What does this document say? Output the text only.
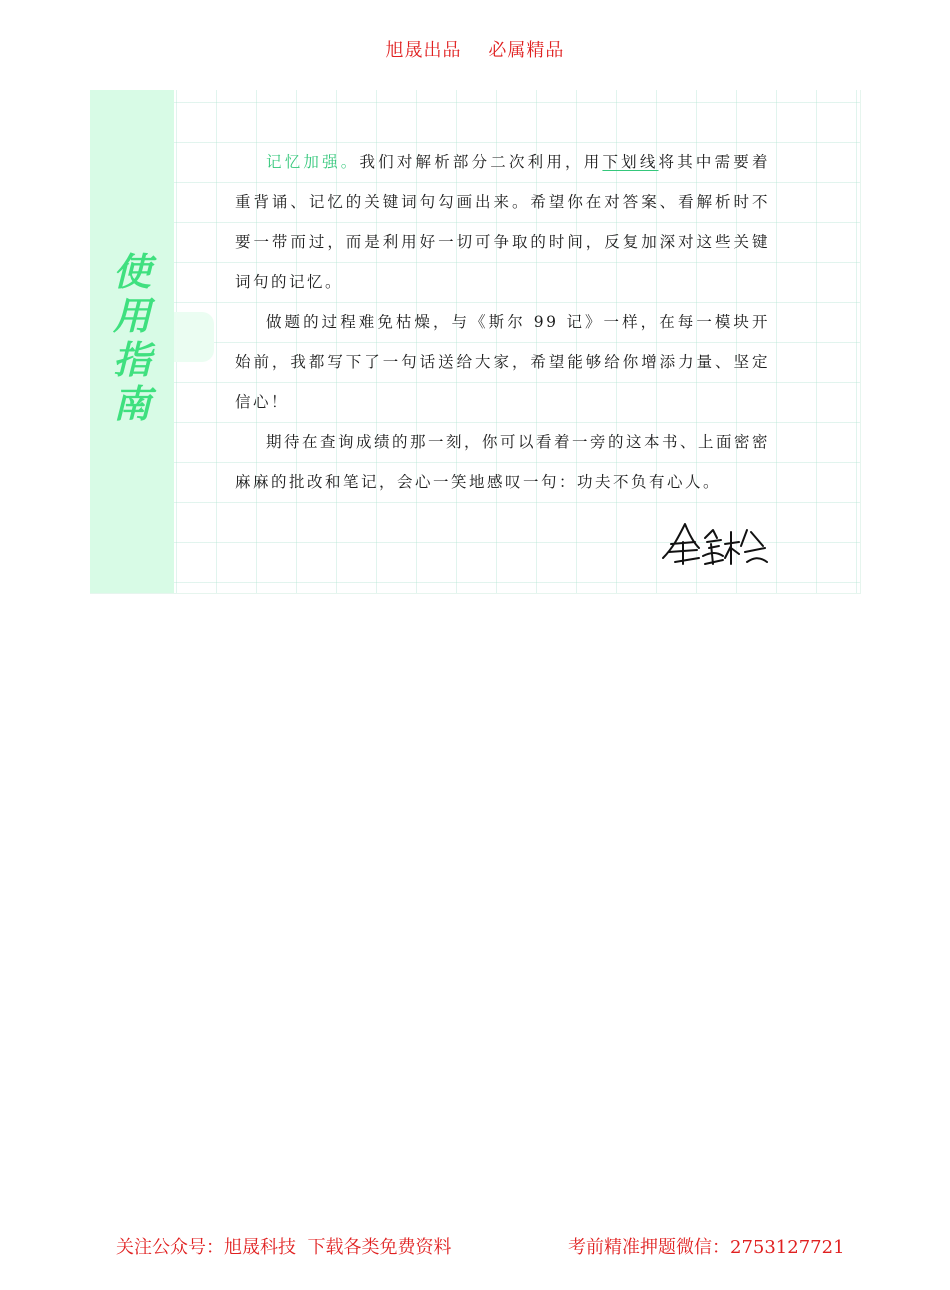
旭晟出品    必属精品
使
用
指
南

记忆加强。我们对解析部分二次利用，用下划线将其中需要着重背诵、记忆的关键词句勾画出来。希望你在对答案、看解析时不要一带而过，而是利用好一切可争取的时间，反复加深对这些关键词句的记忆。

做题的过程难免枯燥，与《斯尔 99 记》一样，在每一模块开始前，我都写下了一句话送给大家，希望能够给你增添力量、坚定信心！

期待在查询成绩的那一刻，你可以看着一旁的这本书、上面密密麻麻的批改和笔记，会心一笑地感叹一句：功夫不负有心人。

关注公众号：旭晟科技  下载各类免费资料	考前精准押题微信：2753127721
